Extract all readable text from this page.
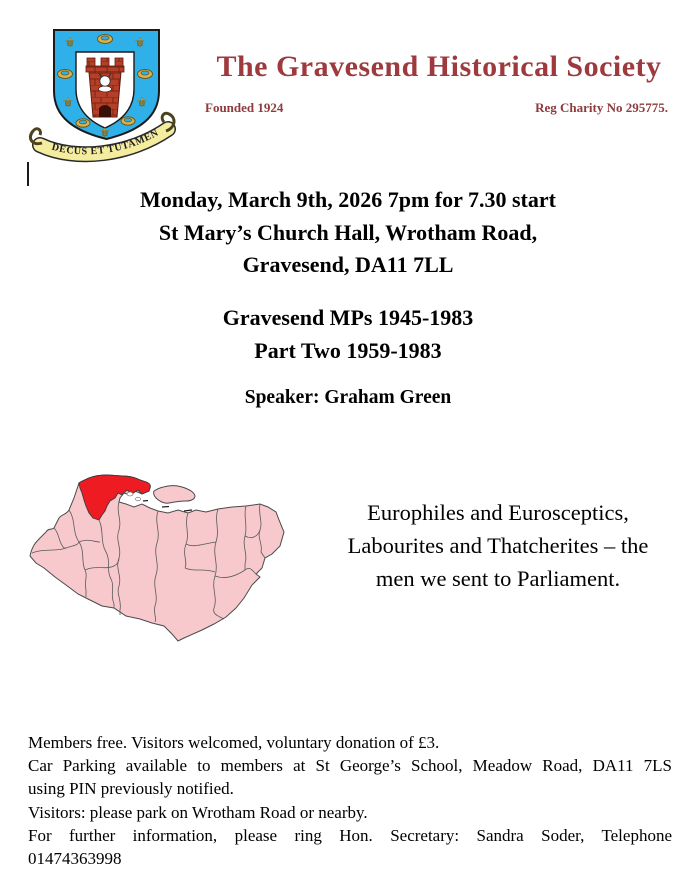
⚜	⚜
⚜	⚜
⚜
DECUS ET TUTAMEN
The Gravesend Historical Society
Founded 1924	Reg Charity No 295775.
Monday, March 9th, 2026 7pm for 7.30 start
St Mary’s Church Hall, Wrotham Road,
Gravesend, DA11 7LL
Gravesend MPs 1945-1983
Part Two 1959-1983
Speaker: Graham Green
Europhiles and Eurosceptics,
Labourites and Thatcherites – the
men we sent to Parliament.
Members free. Visitors welcomed, voluntary donation of £3.
Car Parking available to members at St George’s School, Meadow Road, DA11 7LS
using PIN previously notified.
Visitors: please park on Wrotham Road or nearby.
For further information, please ring Hon. Secretary: Sandra Soder, Telephone
01474363998
